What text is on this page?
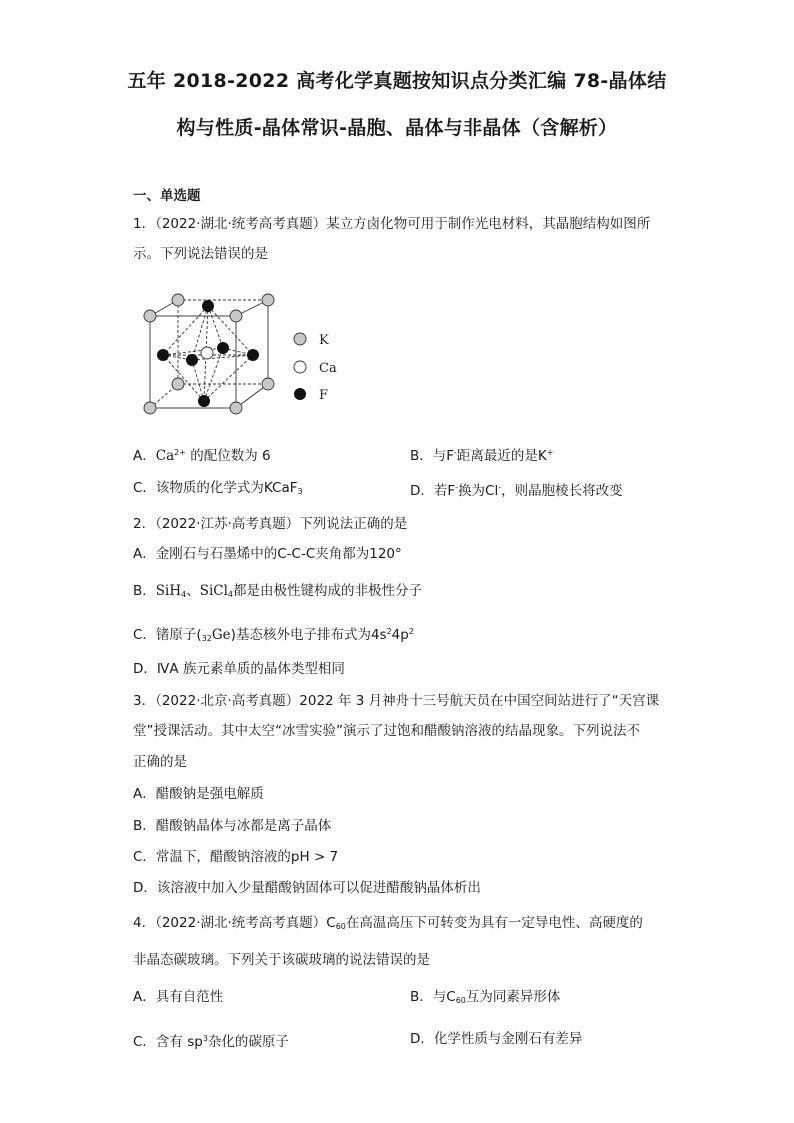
五年 2018-2022 高考化学真题按知识点分类汇编 78-晶体结
构与性质-晶体常识-晶胞、晶体与非晶体（含解析）
一、单选题
1．（2022·湖北·统考高考真题）某立方卤化物可用于制作光电材料，其晶胞结构如图所
示。下列说法错误的是
K
Ca
F
A．$Ca^{2+}$ 的配位数为 6	B．与F-距离最近的是K+
C．该物质的化学式为KCaF$_3$	D．若F-换为Cl-，则晶胞棱长将改变
2．（2022·江苏·高考真题）下列说法正确的是
A．金刚石与石墨烯中的C-C-C夹角都为120°
B．SiH$_4$、SiCl$_4$都是由极性键构成的非极性分子
C．锗原子$(_{32}Ge)$基态核外电子排布式为$4s^24p^2$
D．ⅣA 族元素单质的晶体类型相同
3．（2022·北京·高考真题）2022 年 3 月神舟十三号航天员在中国空间站进行了“天宫课
堂”授课活动。其中太空“冰雪实验”演示了过饱和醋酸钠溶液的结晶现象。下列说法不
正确的是
A．醋酸钠是强电解质
B．醋酸钠晶体与冰都是离子晶体
C．常温下，醋酸钠溶液的pH > 7
D．该溶液中加入少量醋酸钠固体可以促进醋酸钠晶体析出
4．（2022·湖北·统考高考真题）$C_{60}$在高温高压下可转变为具有一定导电性、高硬度的
非晶态碳玻璃。下列关于该碳玻璃的说法错误的是
A．具有自范性	B．与$C_{60}$互为同素异形体
C．含有 $sp^3$杂化的碳原子	D．化学性质与金刚石有差异
